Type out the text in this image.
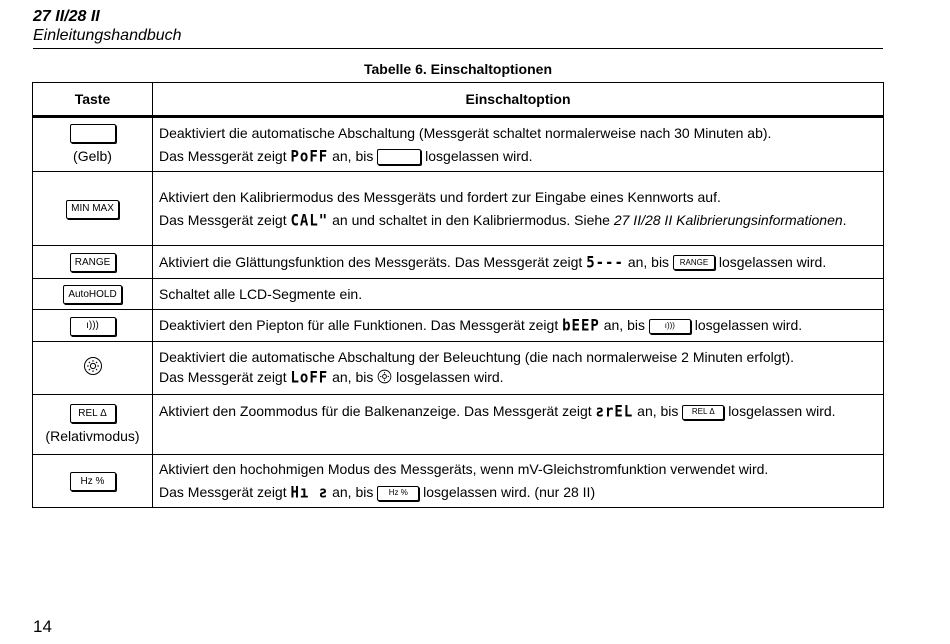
27 II/28 II
Einleitungshandbuch
Tabelle 6. Einschaltoptionen
Taste	Einschaltoption

(Gelb)	Deaktiviert die automatische Abschaltung (Messgerät schaltet normalerweise nach 30 Minuten ab).
Das Messgerät zeigt PoFF an, bis losgelassen wird.

MIN MAX	Aktiviert den Kalibriermodus des Messgeräts und fordert zur Eingabe eines Kennworts auf.
Das Messgerät zeigt CAL" an und schaltet in den Kalibriermodus. Siehe 27 II/28 II Kalibrierungsinformationen.

RANGE	Aktiviert die Glättungsfunktion des Messgeräts. Das Messgerät zeigt 5--- an, bis RANGE losgelassen wird.
AutoHOLD	Schaltet alle LCD-Segmente ein.
ı)))	Deaktiviert den Piepton für alle Funktionen. Das Messgerät zeigt bEEP an, bis ı))) losgelassen wird.

Deaktiviert die automatische Abschaltung der Beleuchtung (die nach normalerweise 2 Minuten erfolgt).
Das Messgerät zeigt LoFF an, bis losgelassen wird.

REL Δ
(Relativmodus)	Aktiviert den Zoommodus für die Balkenanzeige. Das Messgerät zeigt ƨrEL an, bis REL Δ losgelassen wird.
Hz %	Aktiviert den hochohmigen Modus des Messgeräts, wenn mV-Gleichstromfunktion verwendet wird.
Das Messgerät zeigt Hı ƨ an, bis Hz % losgelassen wird. (nur 28 II)
14
